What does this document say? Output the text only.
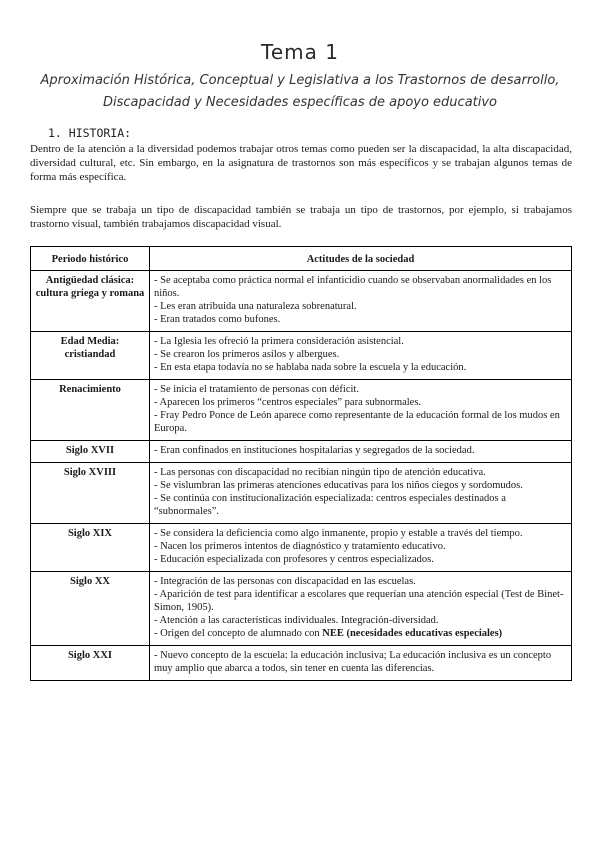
Tema 1
Aproximación Histórica, Conceptual y Legislativa a los Trastornos de desarrollo,
Discapacidad y Necesidades específicas de apoyo educativo
1. HISTORIA:

Dentro de la atención a la diversidad podemos trabajar otros temas como pueden ser la discapacidad, la alta discapacidad, diversidad cultural, etc. Sin embargo, en la asignatura de trastornos son más específicos y se trabajan algunos temas de forma más específica.

Siempre que se trabaja un tipo de discapacidad también se trabaja un tipo de trastornos, por ejemplo, si trabajamos trastorno visual, también trabajamos discapacidad visual.

Periodo histórico	Actitudes de la sociedad
Antigüedad clásica: cultura griega y romana	- Se aceptaba como práctica normal el infanticidio cuando se observaban anormalidades en los niños.
- Les eran atribuida una naturaleza sobrenatural.
- Eran tratados como bufones.

Edad Media: cristiandad	- La Iglesia les ofreció la primera consideración asistencial.
- Se crearon los primeros asilos y albergues.
- En esta etapa todavía no se hablaba nada sobre la escuela y la educación.

Renacimiento	- Se inicia el tratamiento de personas con déficit.
- Aparecen los primeros “centros especiales” para subnormales.
- Fray Pedro Ponce de León aparece como representante de la educación formal de los mudos en Europa.

Siglo XVII	- Eran confinados en instituciones hospitalarias y segregados de la sociedad.

Siglo XVIII	- Las personas con discapacidad no recibían ningún tipo de atención educativa.
- Se vislumbran las primeras atenciones educativas para los niños ciegos y sordomudos.
- Se continúa con institucionalización especializada: centros especiales destinados a “subnormales”.

Siglo XIX	- Se considera la deficiencia como algo inmanente, propio y estable a través del tiempo.
- Nacen los primeros intentos de diagnóstico y tratamiento educativo.
- Educación especializada con profesores y centros especializados.

Siglo XX	- Integración de las personas con discapacidad en las escuelas.
- Aparición de test para identificar a escolares que requerían una atención especial (Test de Binet-Simon, 1905).
- Atención a las características individuales. Integración-diversidad.
- Origen del concepto de alumnado con NEE (necesidades educativas especiales)

Siglo XXI	- Nuevo concepto de la escuela: la educación inclusiva; La educación inclusiva es un concepto muy amplio que abarca a todos, sin tener en cuenta las diferencias.
